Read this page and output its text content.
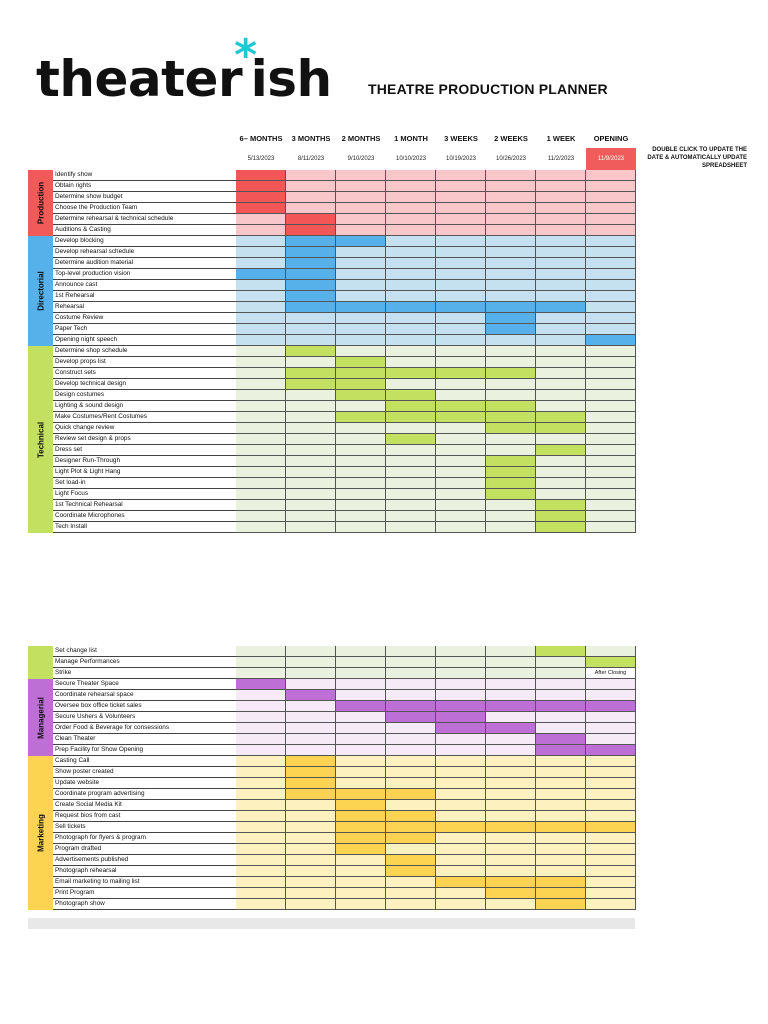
theater*ish	THEATRE PRODUCTION PLANNER
6– MONTHS
5/13/2023
3 MONTHS
8/11/2023
2 MONTHS
9/10/2023
1 MONTH
10/10/2023
3 WEEKS
10/19/2023
2 WEEKS
10/26/2023
1 WEEK
11/2/2023
OPENING
11/9/2023
DOUBLE CLICK TO UPDATE THE
DATE & AUTOMATICALLY UPDATE
SPREADSHEET
Production
Identify show
Obtain rights
Determine show budget
Choose the Production Team
Determine rehearsal & technical schedule
Auditions & Casting
Directorial
Develop blocking
Develop rehearsal schedule
Determine audition material
Top-level production vision
Announce cast
1st Rehearsal
Rehearsal
Costume Review
Paper Tech
Opening night speech
Technical
Determine shop schedule
Develop props list
Construct sets
Develop technical design
Design costumes
Lighting & sound design
Make Costumes/Rent Costumes
Quick change review
Review set design & props
Dress set
Designer Run-Through
Light Plot & Light Hang
Set load-in
Light Focus
1st Technical Rehearsal
Coordinate Microphones
Tech Install
Set change list
Manage Performances
Strike	After Closing
Managerial
Secure Theater Space
Coordinate rehearsal space
Oversee box office ticket sales
Secure Ushers & Volunteers
Order Food & Beverage for consessions
Clean Theater
Prep Facility for Show Opening
Marketing
Casting Call
Show poster created
Update website
Coordinate program advertising
Create Social Media Kit
Request bios from cast
Sell tickets
Photograph for flyers & program
Program drafted
Advertisements published
Photograph rehearsal
Email marketing to mailing list
Print Program
Photograph show
